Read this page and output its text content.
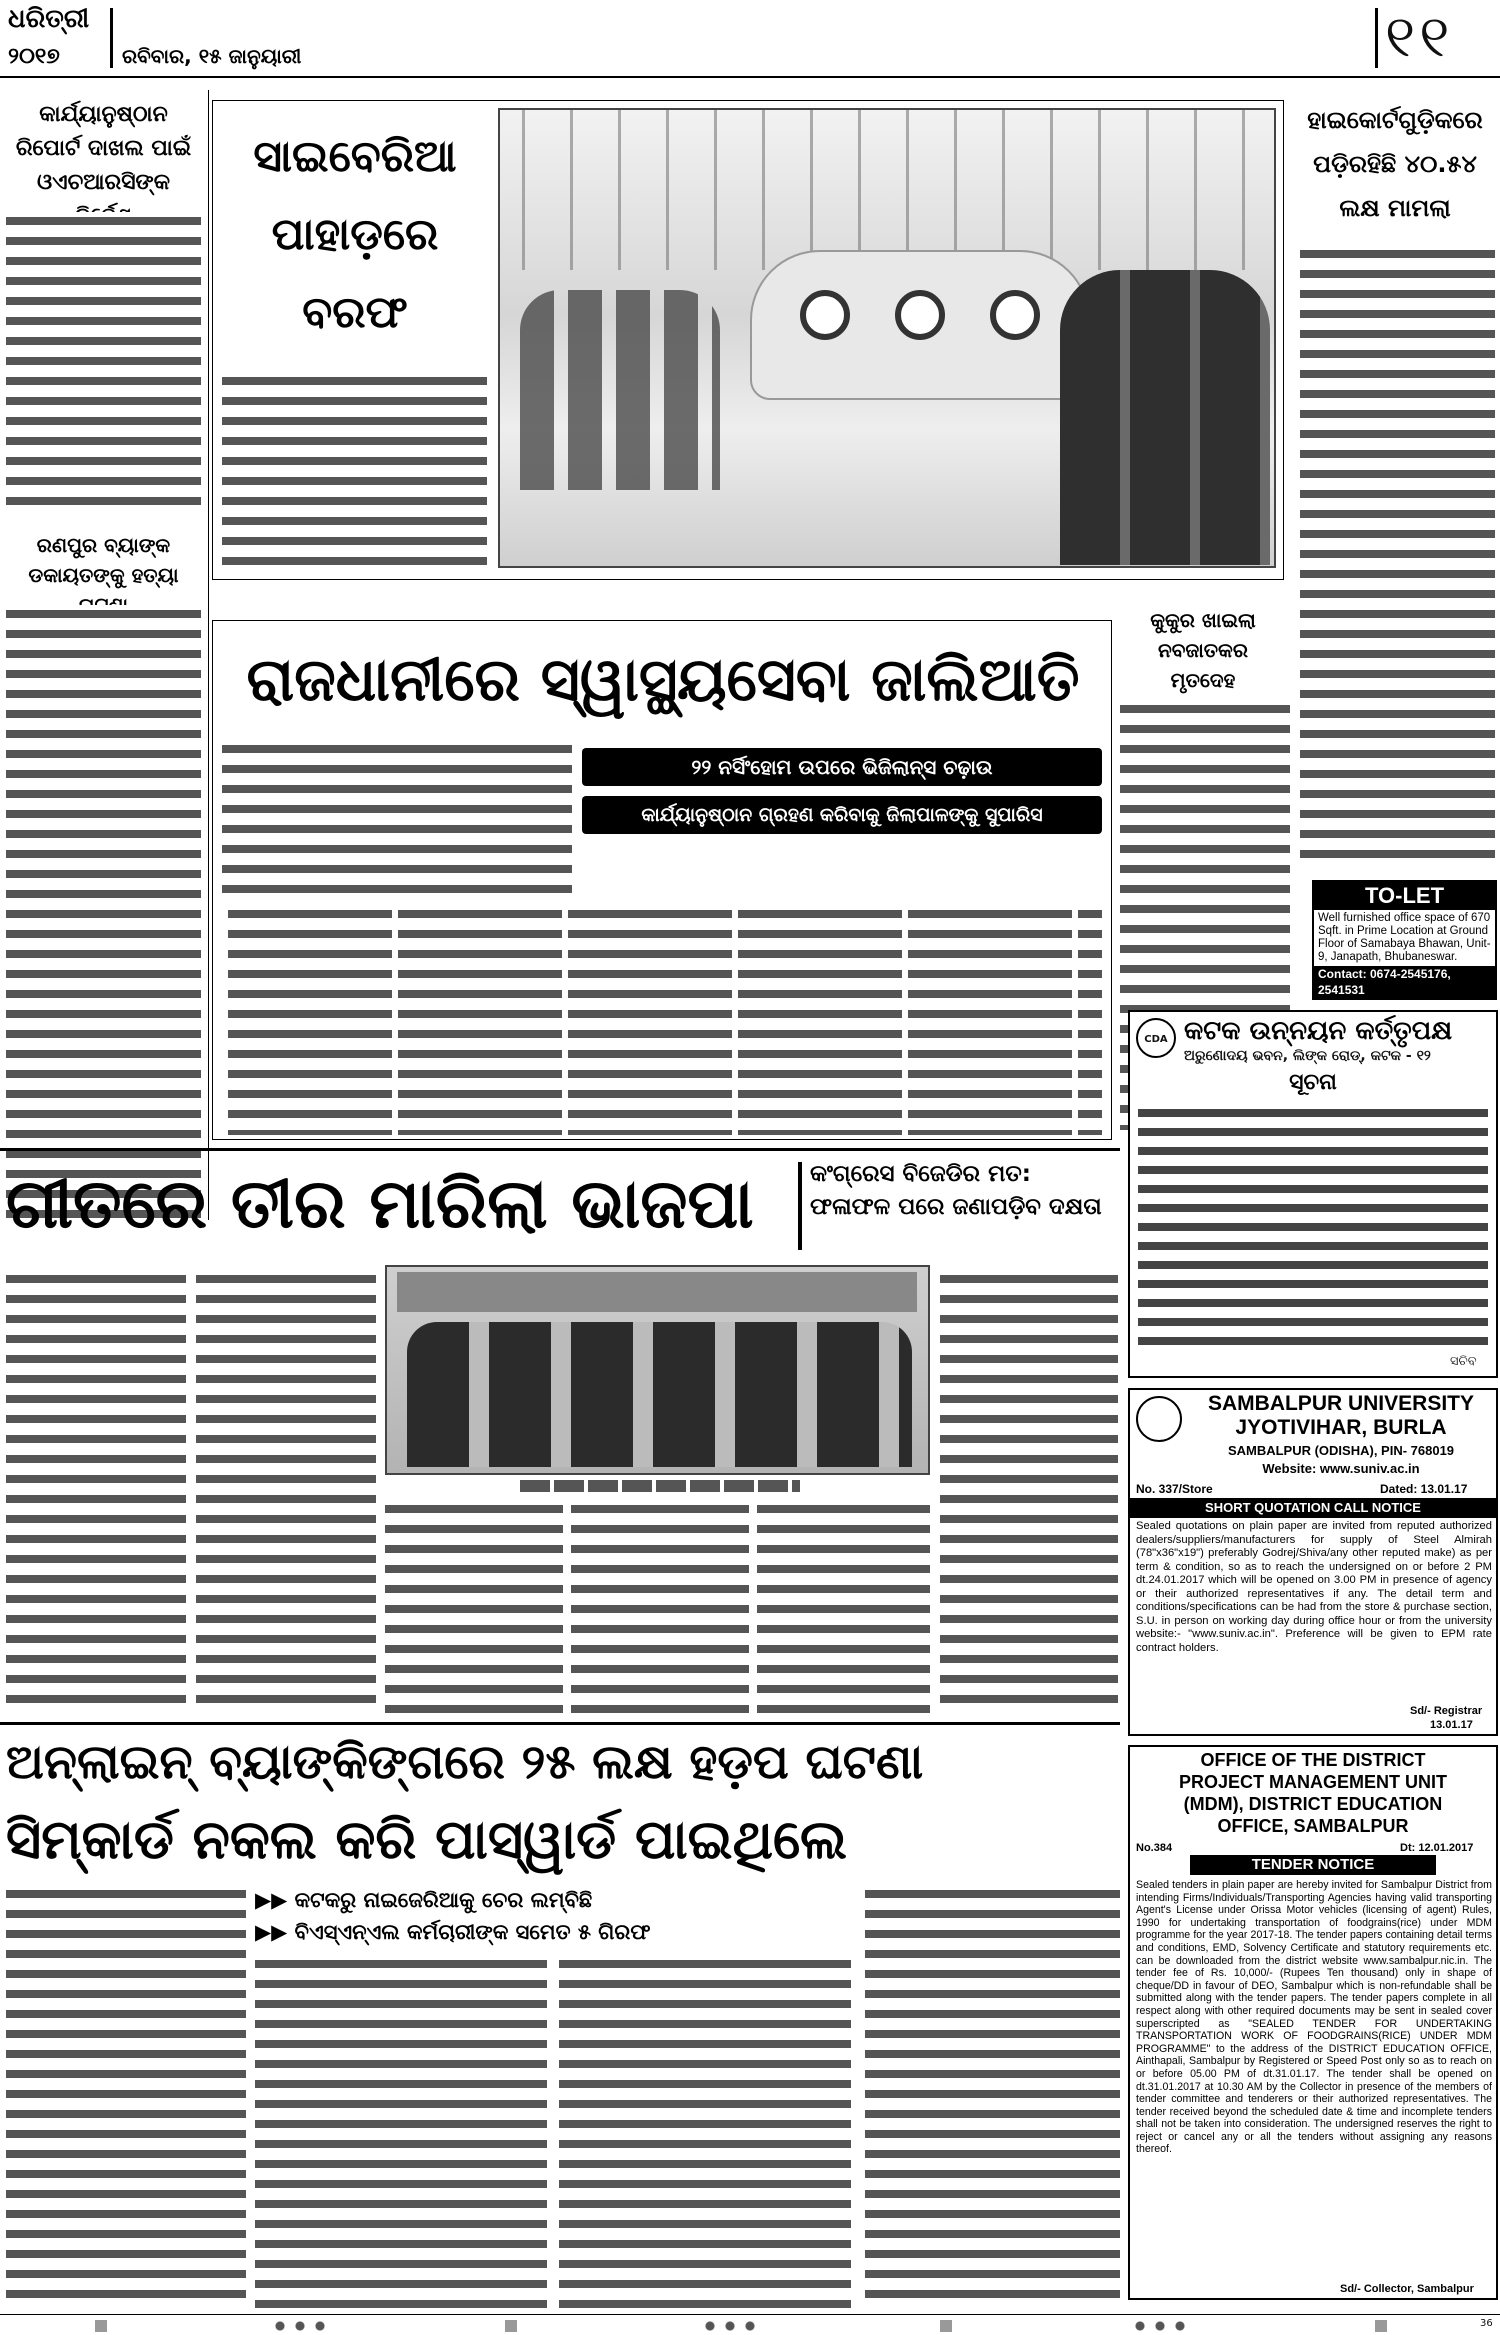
ଧରିତ୍ରୀ
୨୦୧୭	ରବିବାର, ୧୫ ଜାନୁୟାରୀ	୧୧
କାର୍ଯ୍ୟାନୁଷ୍ଠାନ ରିପୋର୍ଟ ଦାଖଲ ପାଇଁ ଓଏଚଆରସିଙ୍କ
ରଣପୁର ବ୍ୟାଙ୍କ ଡକାୟତଙ୍କୁ ହତ୍ୟା
ସାଇବେରିଆ ପାହାଡ଼ରେ ବରଫ
ହାଇକୋର୍ଟଗୁଡ଼ିକରେ ପଡ଼ିରହିଛି ୪୦.୫୪ ଲକ୍ଷ ମାମଲା
ରାଜଧାନୀରେ ସ୍ୱାସ୍ଥ୍ୟସେବା ଜାଲିଆତି
୨୨ ନର୍ସିଂହୋମ ଉପରେ ଭିଜିଲାନ୍ସ ଚଢ଼ାଉ
କାର୍ଯ୍ୟାନୁଷ୍ଠାନ ଗ୍ରହଣ କରିବାକୁ ଜିଲାପାଳଙ୍କୁ ସୁପାରିସ
କୁକୁର ଖାଇଲା ନବଜାତକର ମୃତଦେହ
TO-LET
Well furnished office space of 670 Sqft. in Prime Location at Ground Floor of Samabaya Bhawan, Unit-9, Janapath, Bhubaneswar.
Contact: 0674-2545176, 2541531
CDA କଟକ ଉନ୍ନୟନ କର୍ତ୍ତୃପକ୍ଷ
ଅରୁଣୋଦୟ ଭବନ, ଲିଙ୍କ ରୋଡ୍, କଟକ - ୧୨
ସୂଚନା
ସଚିବ
ଗୀତରେ ତୀର ମାରିଲା ଭାଜପା	କଂଗ୍ରେସ ବିଜେଡିର ମତ: ଫଳାଫଳ ପରେ ଜଣାପଡ଼ିବ ଦକ୍ଷତା
SAMBALPUR UNIVERSITY
JYOTIVIHAR, BURLA
SAMBALPUR (ODISHA), PIN- 768019
Website: www.suniv.ac.in
No. 337/Store	Dated: 13.01.17
SHORT QUOTATION CALL NOTICE
Sealed quotations on plain paper are invited from reputed authorized dealers/suppliers/manufacturers for supply of Steel Almirah (78"x36"x19") preferably Godrej/Shiva/any other reputed make) as per term & condition, so as to reach the undersigned on or before 2 PM dt.24.01.2017 which will be opened on 3.00 PM in presence of agency or their authorized representatives if any. The detail term and conditions/specifications can be had from the store & purchase section, S.U. in person on working day during office hour or from the university website:- "www.suniv.ac.in". Preference will be given to EPM rate contract holders.
Sd/- Registrar
13.01.17
ଅନ୍‌ଲାଇନ୍ ବ୍ୟାଙ୍କିଙ୍ଗରେ ୨୫ ଲକ୍ଷ ହଡ଼ପ ଘଟଣା
ସିମ୍‌କାର୍ଡ ନକଲ କରି ପାସ୍‌ୱାର୍ଡ ପାଇଥିଲେ
▶▶ କଟକରୁ ନାଇଜେରିଆକୁ ଚେର ଲମ୍ବିଛି
▶▶ ବିଏସ୍‌ଏନ୍‌ଏଲ କର୍ମଚାରୀଙ୍କ ସମେତ ୫ ଗିରଫ
OFFICE OF THE DISTRICT
PROJECT MANAGEMENT UNIT
(MDM), DISTRICT EDUCATION
OFFICE, SAMBALPUR
No.384	Dt: 12.01.2017
TENDER NOTICE
Sealed tenders in plain paper are hereby invited for Sambalpur District from intending Firms/Individuals/Transporting Agencies having valid transporting Agent's License under Orissa Motor vehicles (licensing of agent) Rules, 1990 for undertaking transportation of foodgrains(rice) under MDM programme for the year 2017-18. The tender papers containing detail terms and conditions, EMD, Solvency Certificate and statutory requirements etc. can be downloaded from the district website www.sambalpur.nic.in. The tender fee of Rs. 10,000/- (Rupees Ten thousand) only in shape of cheque/DD in favour of DEO, Sambalpur which is non-refundable shall be submitted along with the tender papers. The tender papers complete in all respect along with other required documents may be sent in sealed cover superscripted as "SEALED TENDER FOR UNDERTAKING TRANSPORTATION WORK OF FOODGRAINS(RICE) UNDER MDM PROGRAMME" to the address of the DISTRICT EDUCATION OFFICE, Ainthapali, Sambalpur by Registered or Speed Post only so as to reach on or before 05.00 PM of dt.31.01.17. The tender shall be opened on dt.31.01.2017 at 10.30 AM by the Collector in presence of the members of tender committee and tenderers or their authorized representatives. The tender received beyond the scheduled date & time and incomplete tenders shall not be taken into consideration. The undersigned reserves the right to reject or cancel any or all the tenders without assigning any reasons thereof.
Sd/- Collector, Sambalpur
36
